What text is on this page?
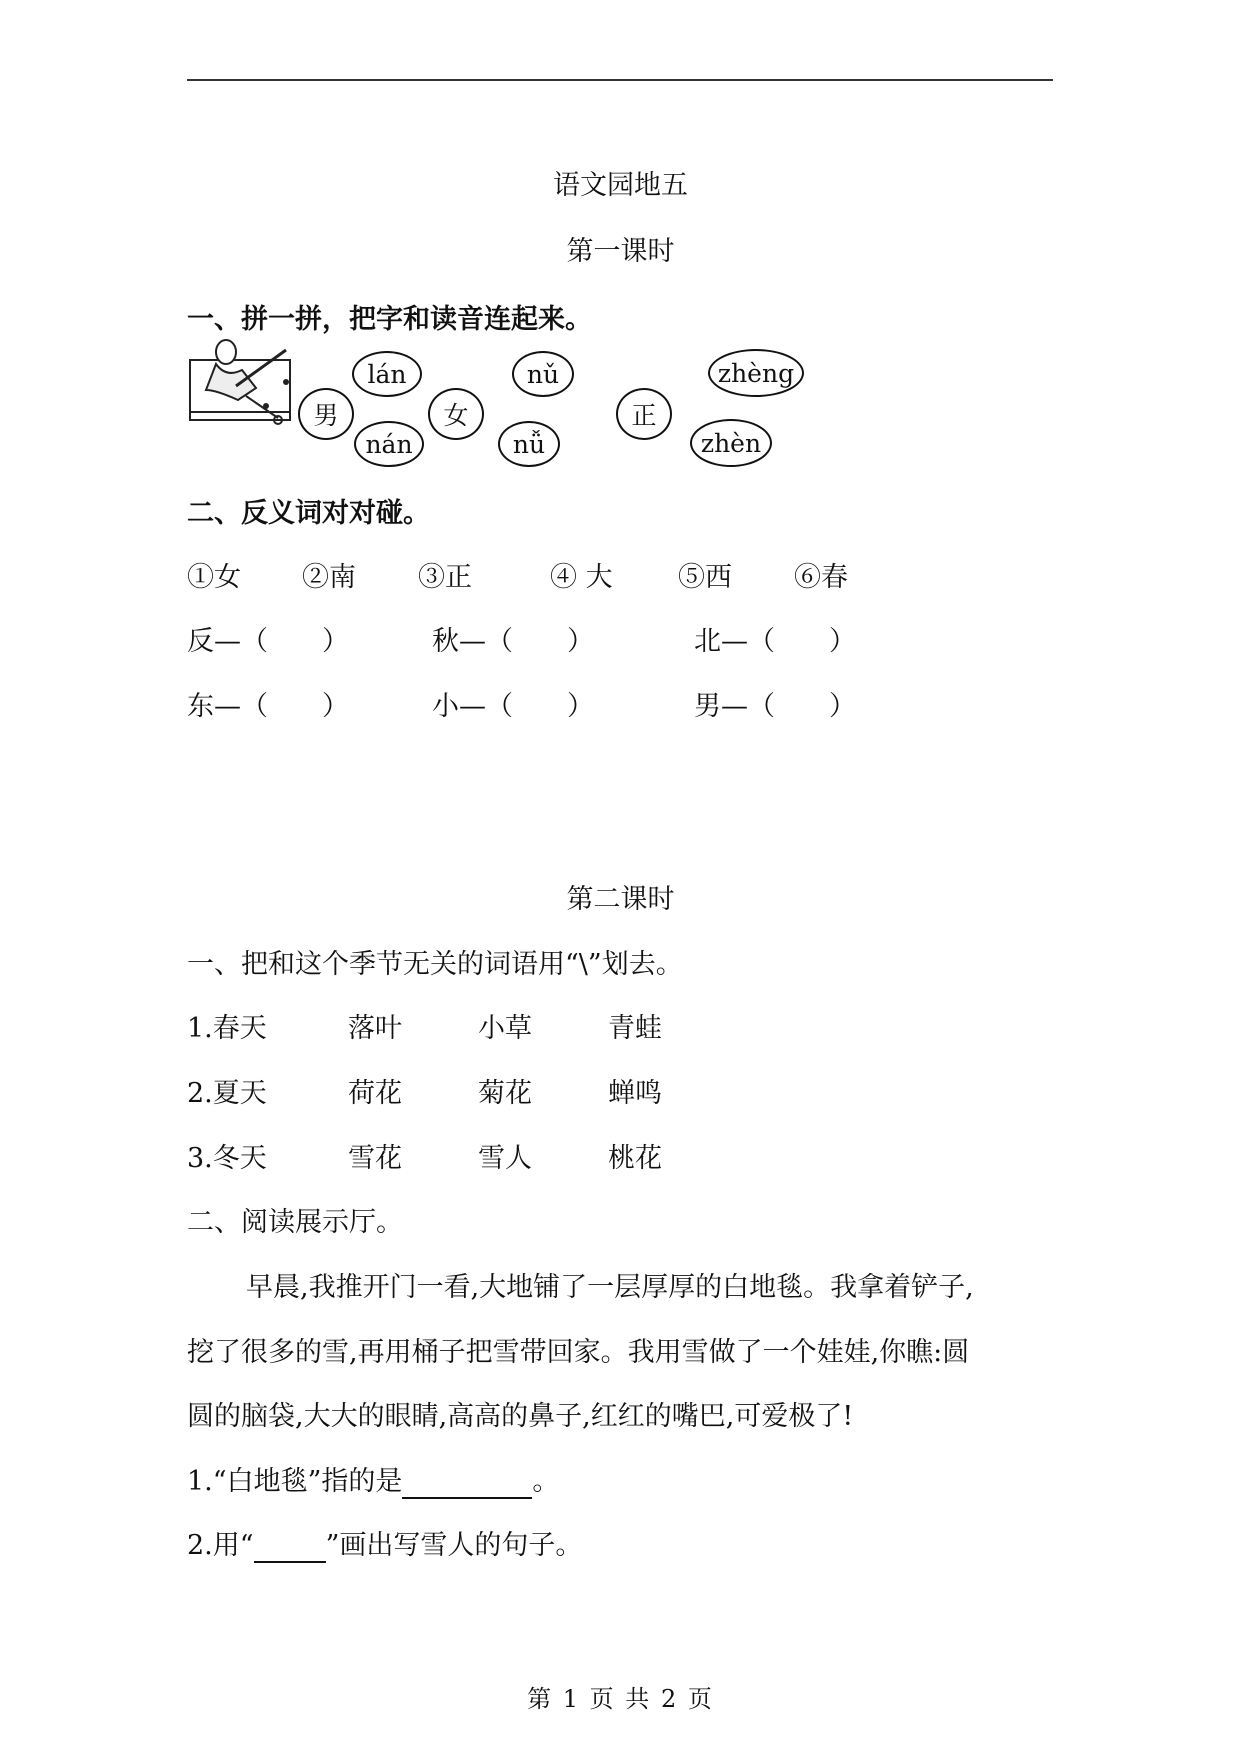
语文园地五
第一课时
一、拼一拼，把字和读音连起来。
lán	nǔ	zhèng
nán	nǚ	zhèn
男	女	正
二、反义词对对碰。
①女 ②南 ③正	④ 大 ⑤西 ⑥春
反—（　　）	秋—（　　）	北—（　　）
东—（　　）	小—（　　）	男—（　　）
第二课时
一、把和这个季节无关的词语用“\”划去。
1.春天	落叶	小草	青蛙
2.夏天	荷花	菊花	蝉鸣
3.冬天	雪花	雪人	桃花
二、阅读展示厅。
早晨,我推开门一看,大地铺了一层厚厚的白地毯。我拿着铲子,
挖了很多的雪,再用桶子把雪带回家。我用雪做了一个娃娃,你瞧:圆
圆的脑袋,大大的眼睛,高高的鼻子,红红的嘴巴,可爱极了!
1.“白地毯”指的是	。
2.用“	”画出写雪人的句子。
第 1 页 共 2 页
